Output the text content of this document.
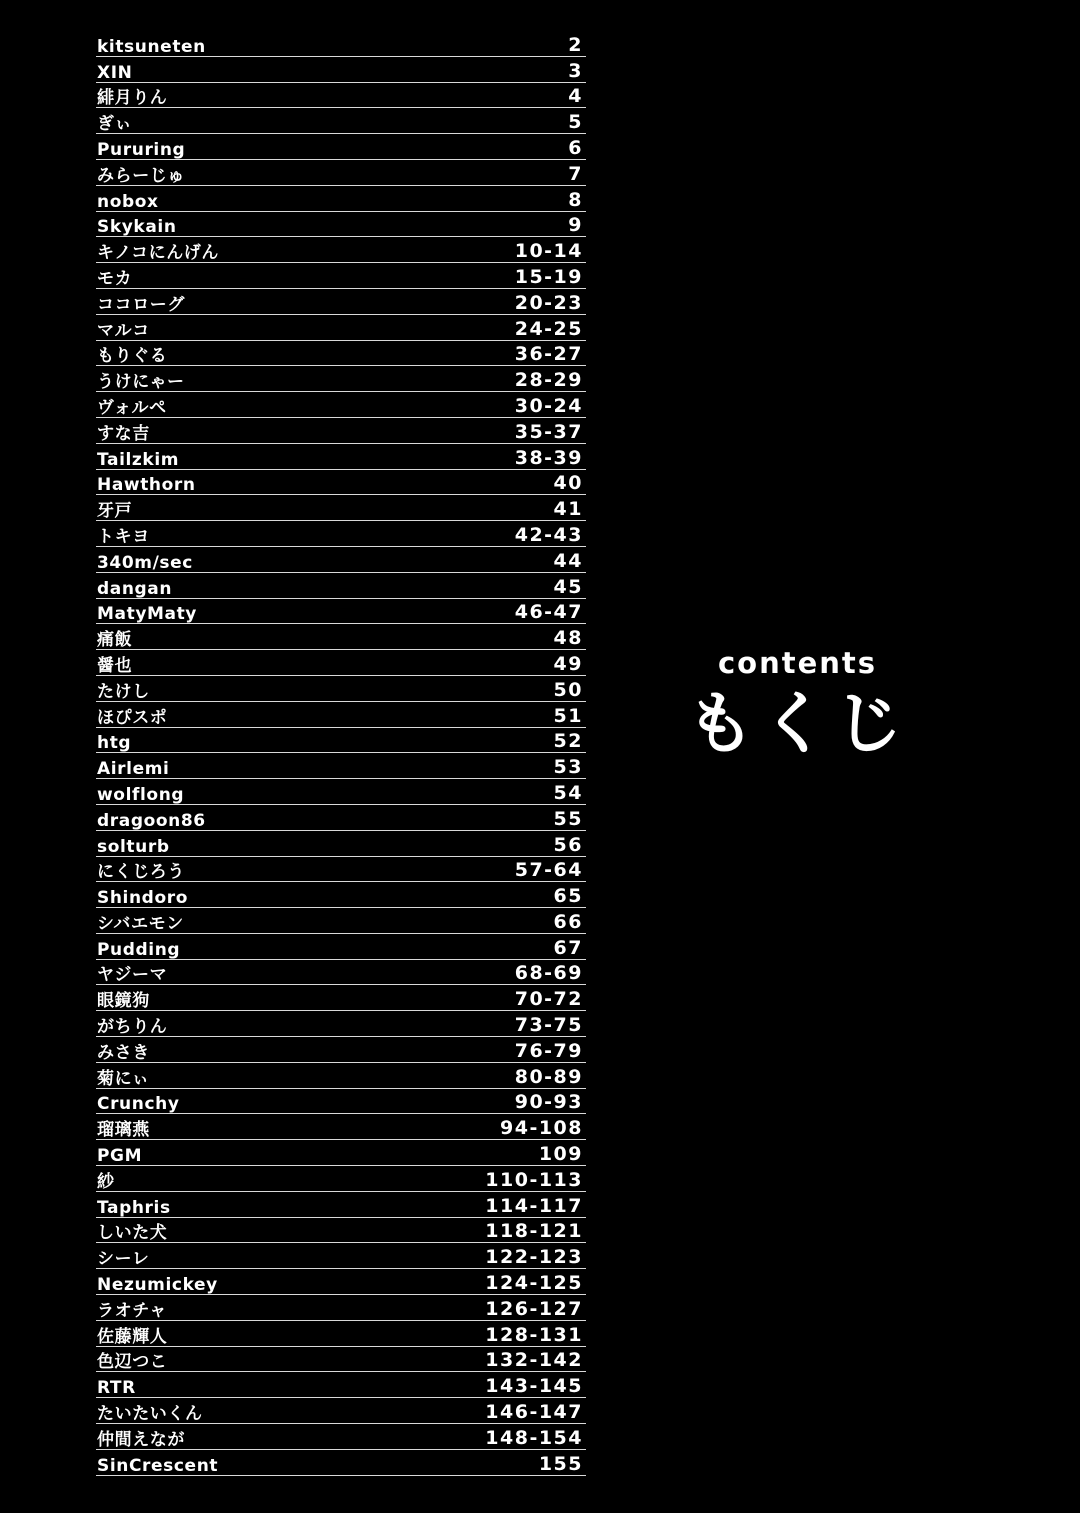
kitsuneten	2
XIN	3
緋月りん	4
ぎぃ	5
Pururing	6
みらーじゅ	7
nobox	8
Skykain	9
キノコにんげん	10-14
モカ	15-19
ココローグ	20-23
マルコ	24-25
もりぐる	36-27
うけにゃー	28-29
ヴォルペ	30-24
すな吉	35-37
Tailzkim	38-39
Hawthorn	40
牙戸	41
トキヨ	42-43
340m/sec	44
dangan	45
MatyMaty	46-47
痛飯	48
醤也	49
たけし	50
ほぴスポ	51
htg	52
Airlemi	53
wolflong	54
dragoon86	55
solturb	56
にくじろう	57-64
Shindoro	65
シバエモン	66
Pudding	67
ヤジーマ	68-69
眼鏡狗	70-72
がちりん	73-75
みさき	76-79
菊にぃ	80-89
Crunchy	90-93
瑠璃燕	94-108
PGM	109
紗	110-113
Taphris	114-117
しいた犬	118-121
シーレ	122-123
Nezumickey	124-125
ラオチャ	126-127
佐藤輝人	128-131
色辺つこ	132-142
RTR	143-145
たいたいくん	146-147
仲間えなが	148-154
SinCrescent	155
contents
もくじ
